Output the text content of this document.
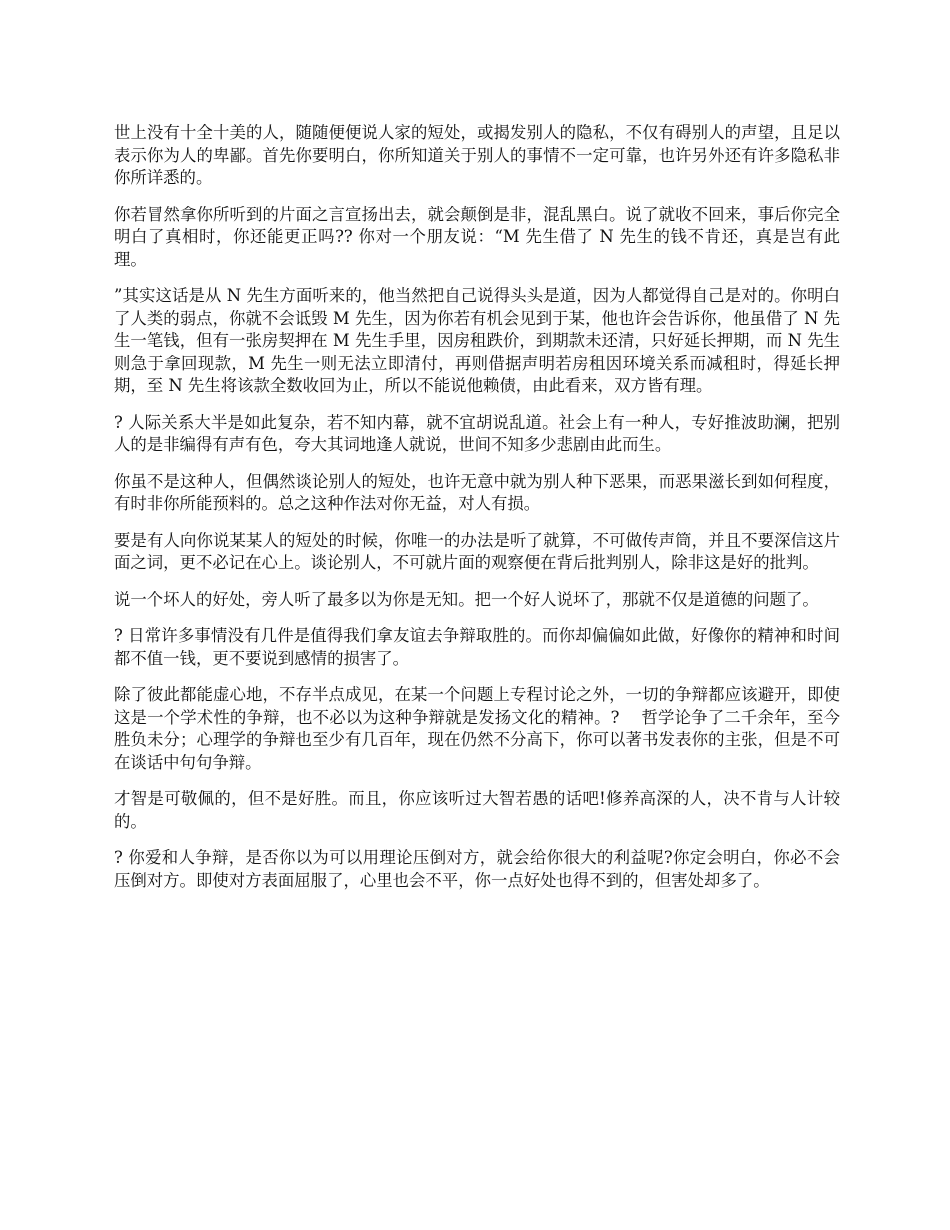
世上没有十全十美的人，随随便便说人家的短处，或揭发别人的隐私，不仅有碍别人的声望，且足以表示你为人的卑鄙。首先你要明白，你所知道关于别人的事情不一定可靠，也许另外还有许多隐私非你所详悉的。

你若冒然拿你所听到的片面之言宣扬出去，就会颠倒是非，混乱黑白。说了就收不回来，事后你完全明白了真相时，你还能更正吗?? 你对一个朋友说：“M 先生借了 N 先生的钱不肯还，真是岂有此理。

”其实这话是从 N 先生方面听来的，他当然把自己说得头头是道，因为人都觉得自己是对的。你明白了人类的弱点，你就不会诋毁 M 先生，因为你若有机会见到于某，他也许会告诉你，他虽借了 N 先生一笔钱，但有一张房契押在 M 先生手里，因房租跌价，到期款未还清，只好延长押期，而 N 先生则急于拿回现款，M 先生一则无法立即清付，再则借据声明若房租因环境关系而减租时，得延长押期，至 N 先生将该款全数收回为止，所以不能说他赖债，由此看来，双方皆有理。

? 人际关系大半是如此复杂，若不知内幕，就不宜胡说乱道。社会上有一种人，专好推波助澜，把别人的是非编得有声有色，夸大其词地逢人就说，世间不知多少悲剧由此而生。

你虽不是这种人，但偶然谈论别人的短处，也许无意中就为别人种下恶果，而恶果滋长到如何程度，有时非你所能预料的。总之这种作法对你无益，对人有损。

要是有人向你说某某人的短处的时候，你唯一的办法是听了就算，不可做传声筒，并且不要深信这片面之词，更不必记在心上。谈论别人，不可就片面的观察便在背后批判别人，除非这是好的批判。

说一个坏人的好处，旁人听了最多以为你是无知。把一个好人说坏了，那就不仅是道德的问题了。

? 日常许多事情没有几件是值得我们拿友谊去争辩取胜的。而你却偏偏如此做，好像你的精神和时间都不值一钱，更不要说到感情的损害了。

除了彼此都能虚心地，不存半点成见，在某一个问题上专程讨论之外，一切的争辩都应该避开，即使这是一个学术性的争辩，也不必以为这种争辩就是发扬文化的精神。?　 哲学论争了二千余年，至今胜负未分；心理学的争辩也至少有几百年，现在仍然不分高下，你可以著书发表你的主张，但是不可在谈话中句句争辩。

才智是可敬佩的，但不是好胜。而且，你应该听过大智若愚的话吧!修养高深的人，决不肯与人计较的。

? 你爱和人争辩，是否你以为可以用理论压倒对方，就会给你很大的利益呢?你定会明白，你必不会压倒对方。即使对方表面屈服了，心里也会不平，你一点好处也得不到的，但害处却多了。
